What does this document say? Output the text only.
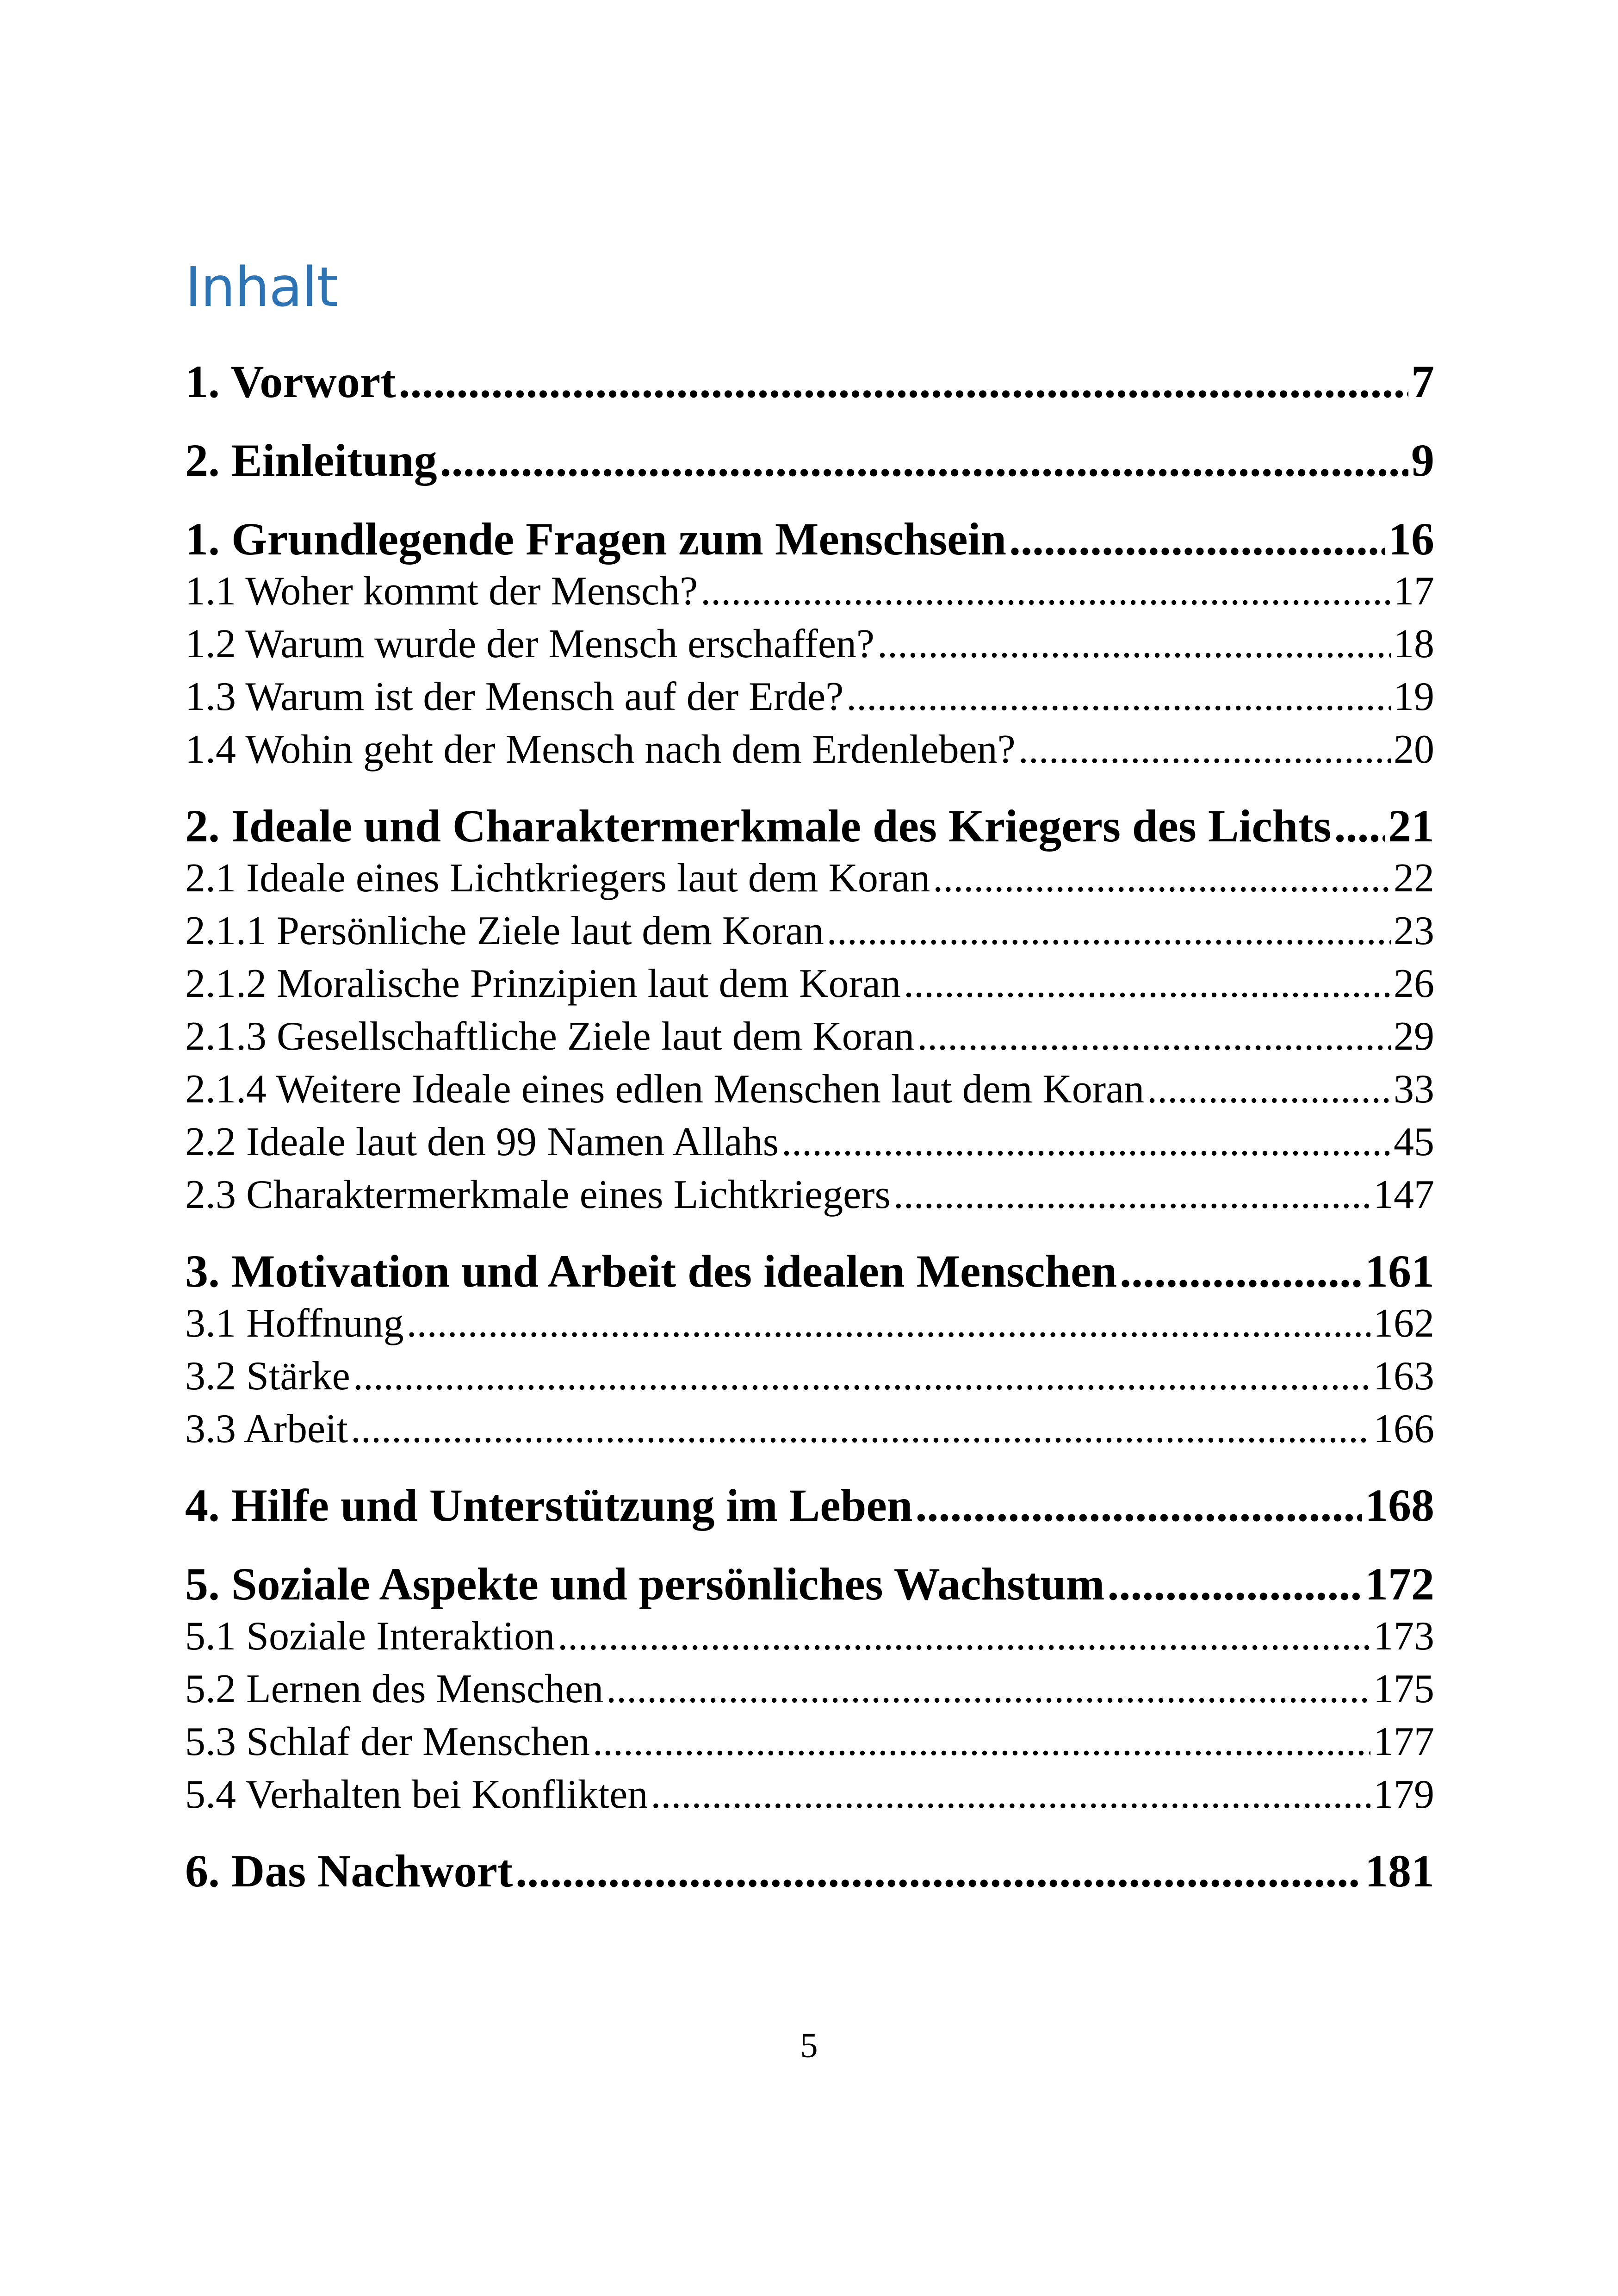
Inhalt
1. Vorwort .....	7
2. Einleitung .....	9
1. Grundlegende Fragen zum Menschsein .....	16
1.1 Woher kommt der Mensch? .....	17
1.2 Warum wurde der Mensch erschaffen? .....	18
1.3 Warum ist der Mensch auf der Erde? .....	19
1.4 Wohin geht der Mensch nach dem Erdenleben? .....	20
2. Ideale und Charaktermerkmale des Kriegers des Lichts ..... 21
2.1 Ideale eines Lichtkriegers laut dem Koran .....	22
2.1.1 Persönliche Ziele laut dem Koran .....	23
2.1.2 Moralische Prinzipien laut dem Koran .....	26
2.1.3 Gesellschaftliche Ziele laut dem Koran .....	29
2.1.4 Weitere Ideale eines edlen Menschen laut dem Koran .....	33
2.2 Ideale laut den 99 Namen Allahs .....	45
2.3 Charaktermerkmale eines Lichtkriegers .....	147
3. Motivation und Arbeit des idealen Menschen .....	161
3.1 Hoffnung .....	162
3.2 Stärke .....	163
3.3 Arbeit .....	166
4. Hilfe und Unterstützung im Leben .....	168
5. Soziale Aspekte und persönliches Wachstum .....	172
5.1 Soziale Interaktion .....	173
5.2 Lernen des Menschen .....	175
5.3 Schlaf der Menschen .....	177
5.4 Verhalten bei Konflikten .....	179
6. Das Nachwort .....	181
5
